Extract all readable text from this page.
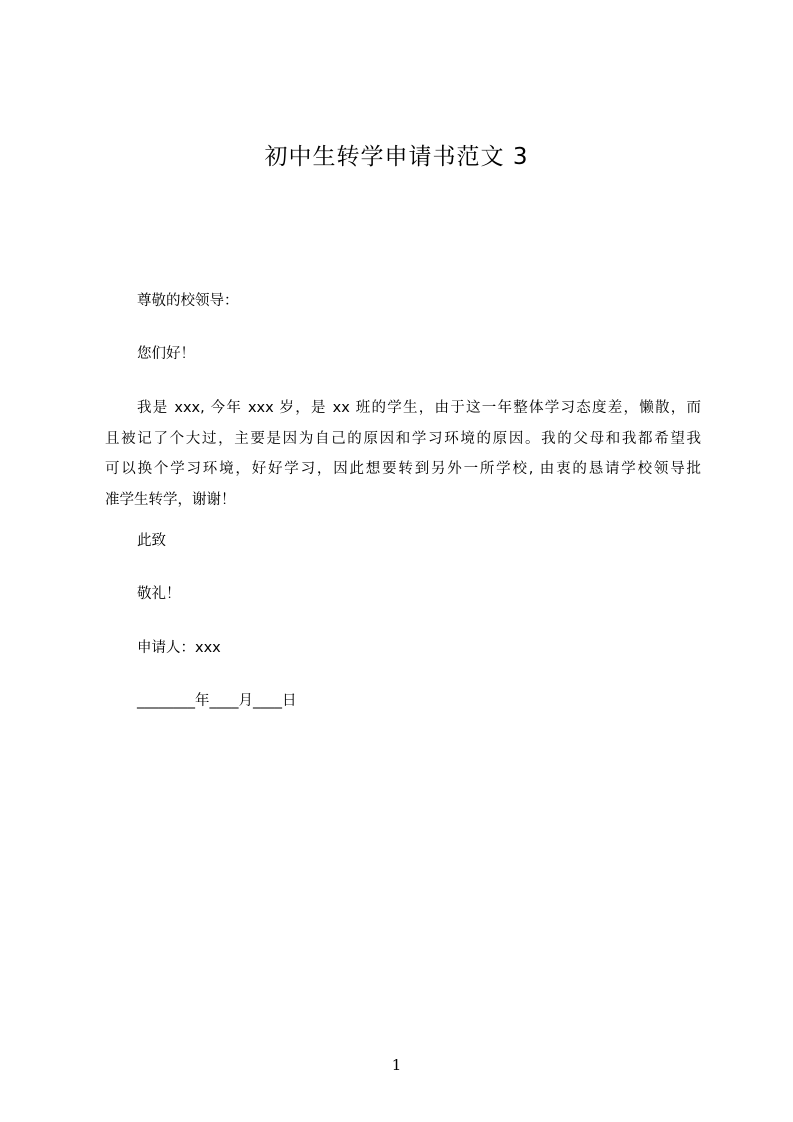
初中生转学申请书范文 3
尊敬的校领导：
您们好！
我是 xxx, 今年 xxx 岁，是 xx 班的学生，由于这一年整体学习态度差，懒散，而
且被记了个大过，主要是因为自己的原因和学习环境的原因。我的父母和我都希望我
可以换个学习环境，好好学习，因此想要转到另外一所学校, 由衷的恳请学校领导批
准学生转学，谢谢！
此致
敬礼！
申请人：xxx
________年____月____日
1
